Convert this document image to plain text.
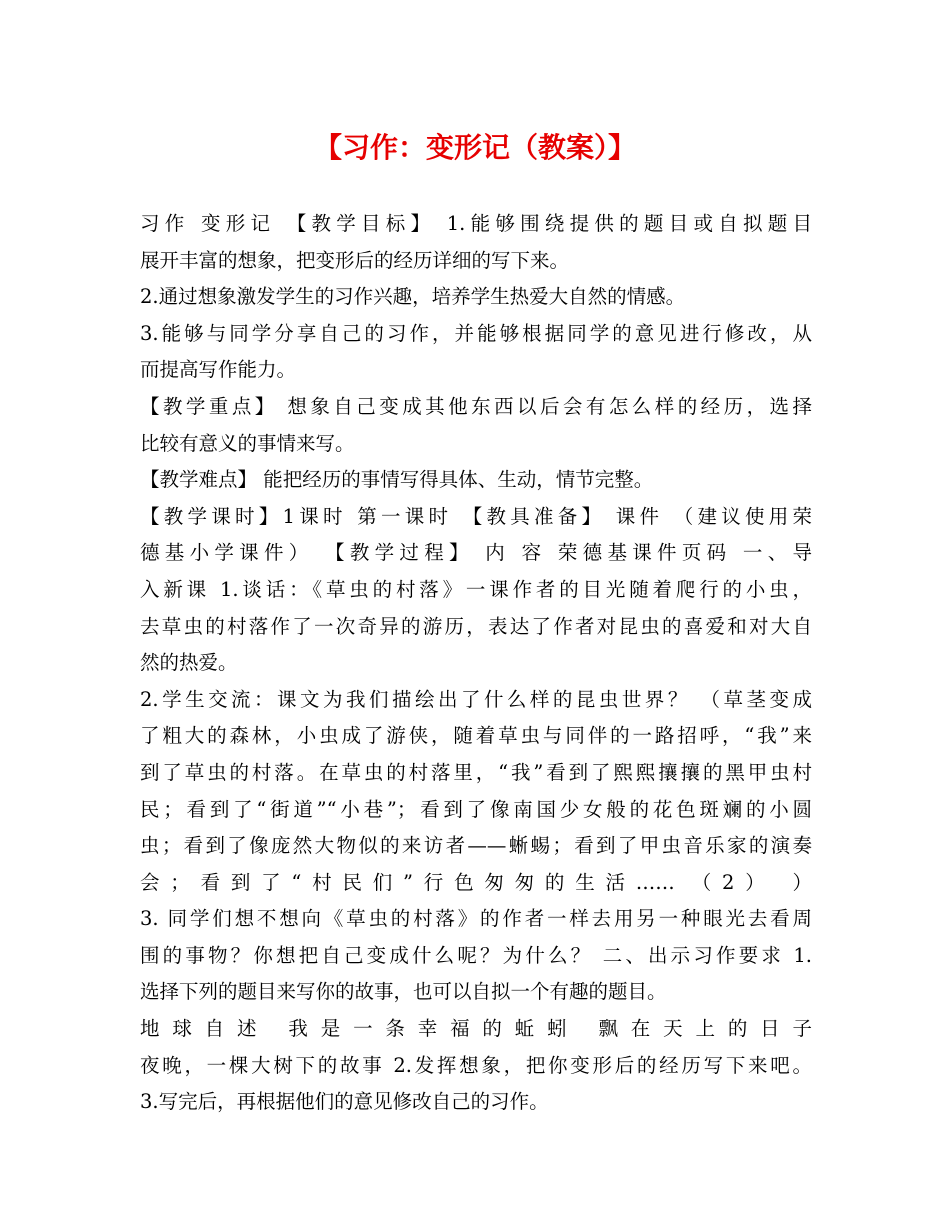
【习作：变形记（教案）】
习作 变形记 【教学目标】 1.能够围绕提供的题目或自拟题目
展开丰富的想象，把变形后的经历详细的写下来。
2.通过想象激发学生的习作兴趣，培养学生热爱大自然的情感。
3.能够与同学分享自己的习作，并能够根据同学的意见进行修改，从
而提高写作能力。
【教学重点】 想象自己变成其他东西以后会有怎么样的经历，选择
比较有意义的事情来写。
【教学难点】 能把经历的事情写得具体、生动，情节完整。
【教学课时】1课时 第一课时 【教具准备】 课件 （建议使用荣
德基小学课件） 【教学过程】 内 容 荣德基课件页码 一、导
入新课 1.谈话：《草虫的村落》一课作者的目光随着爬行的小虫，
去草虫的村落作了一次奇异的游历，表达了作者对昆虫的喜爱和对大自
然的热爱。
2.学生交流：课文为我们描绘出了什么样的昆虫世界？ （草茎变成
了粗大的森林，小虫成了游侠，随着草虫与同伴的一路招呼，“我”来
到了草虫的村落。在草虫的村落里，“我”看到了熙熙攘攘的黑甲虫村
民；看到了“街道”“小巷”；看到了像南国少女般的花色斑斓的小圆
虫；看到了像庞然大物似的来访者——蜥蜴；看到了甲虫音乐家的演奏
会；看到了“村民们”行色匆匆的生活…… （2） ）
3. 同学们想不想向《草虫的村落》的作者一样去用另一种眼光去看周
围的事物？你想把自己变成什么呢？为什么？ 二、出示习作要求 1.
选择下列的题目来写你的故事，也可以自拟一个有趣的题目。
地球自述 我是一条幸福的蚯蚓 飘在天上的日子
夜晚，一棵大树下的故事 2.发挥想象，把你变形后的经历写下来吧。
3.写完后，再根据他们的意见修改自己的习作。
